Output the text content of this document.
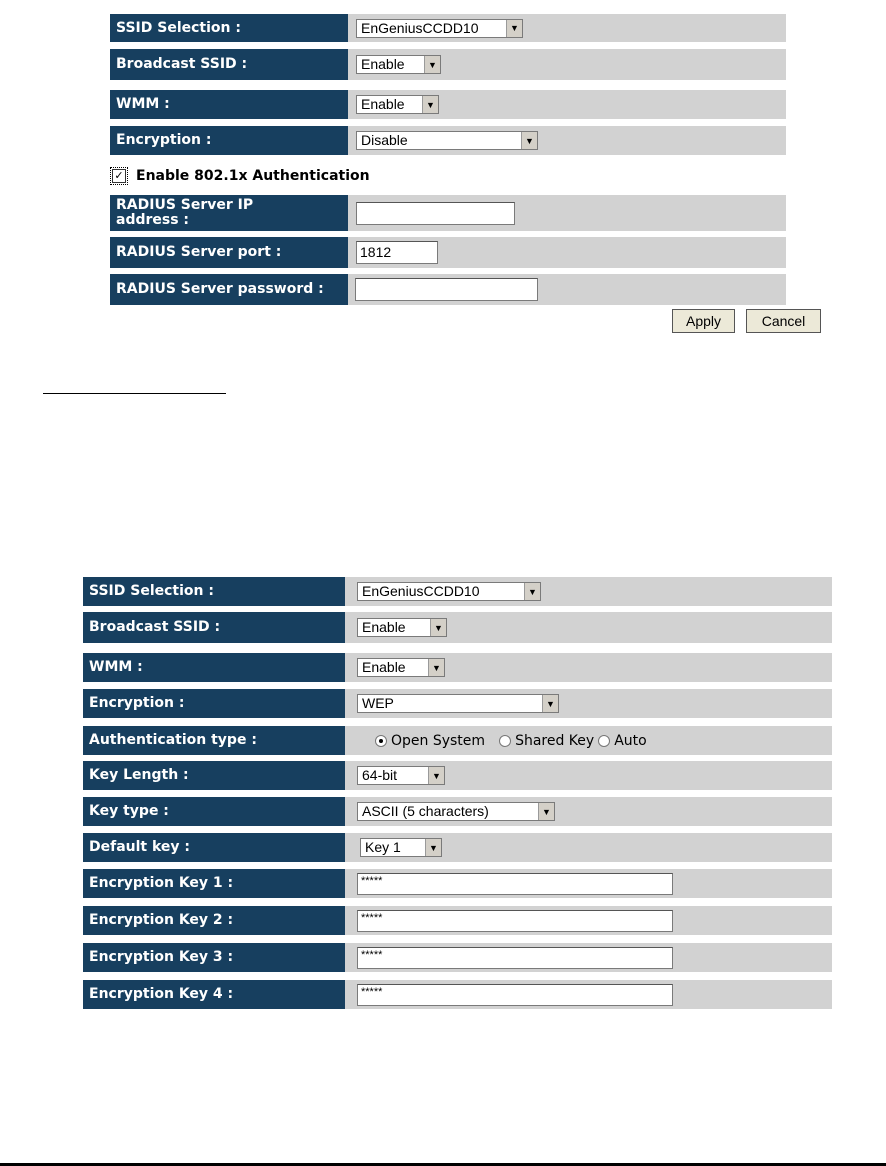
SSID Selection :	EnGeniusCCDD10	▼
Broadcast SSID :	Enable	▼
WMM :	Enable	▼
Encryption :	Disable	▼
✓ Enable 802.1x Authentication
RADIUS Server IP
address :
RADIUS Server port :	1812
RADIUS Server password :
Apply	Cancel
SSID Selection :	EnGeniusCCDD10	▼
Broadcast SSID :	Enable	▼
WMM :	Enable	▼
Encryption :	WEP	▼
Authentication type :	Open System Shared Key Auto
Key Length :	64-bit	▼
Key type :	ASCII (5 characters)	▼
Default key :	Key 1	▼
Encryption Key 1 :	*****
Encryption Key 2 :	*****
Encryption Key 3 :	*****
Encryption Key 4 :	*****
